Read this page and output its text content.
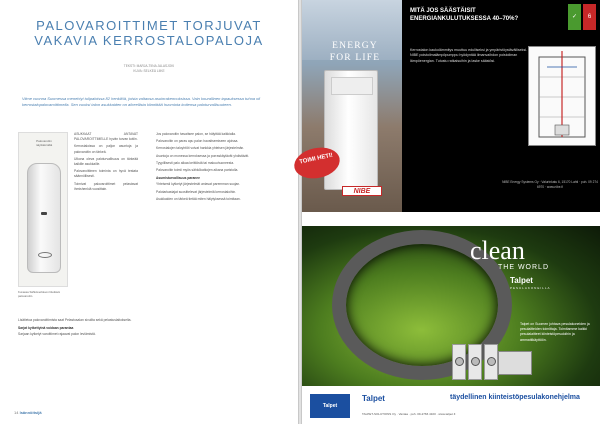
PALOVAROITTIMET TORJUVAT
VAKAVIA KERROSTALOPALOJA
TEKSTI: MARJA-TIINA JALASJOKI
KUVA: SELKEÄ LIIKE
Viime vuonna Suomessa menehtyi tulipaloissa 82 henkilöä, joista valtaosa asuinrakennuksissa. Vain kourallinen tapauksessa tuhoa oli kerrostalopalovaroittimella. Sen vuoksi talon asukkaiden on aiheellista kiinnittää huomiota kotiensa paloturvallisuuteen.
Palovaroitin
näyttää tältä
Kuvassa Sähköverkkoon liitettävä palovaroitin.
ASUKKAAT ANTAVAT PALOVAROITTIMELLE hyvän turvan kotiin.
Kerrostaloissa on paljon asuntoja ja palovaroitin on tärkeä.
Ulkona oleva paloturvallisuus on tärkeää kaikille asukkaille.
Palovaroittimen toiminta on hyvä testata säännöllisesti.
Toimivat palovaroittimet pelastavat ihmishenkiä vuosittain.
Lisätietoa palovaroittimista saat Pelastusalan sivuilta sekä pelastuslaitokselta.
Sarjat kytkettyinä voidaan parantaa
Sarjaan kytketyt varoittimet rajaavat palon leviämistä.
Jos palovaroitin havaitsee palon, se hälyttää kaikkialla.
Palovaroitin on paras apu palon havaitsemiseen ajoissa.
Kerrostalojen taloyhtiöt voivat hankkia yhteisen järjestelmän.
Asuntoja on monessa kerroksessa ja porraskäytävät yhdistävät.
Tyypillisesti palo alkaa keittiöstä tai makuuhuoneesta.
Palovaroitin toimii myös sähkökatkojen aikana paristolla.
Asumisturvallisuus paranee
Yhteisesti kytketyt järjestelmät antavat paremman suojan.
Palotarkastajat suosittelevat järjestelmiä kerrostaloihin.
Asukkaiden on tärkeä tietää miten hälytyksessä toimitaan.
14 Isännöitsijä
ENERGY
FOR LIFE
TOIMI HETI!
NIBE
MITÄ JOS SÄÄSTÄISIT ENERGIANKULUTUKSESSA 40–70%?
Kerrostalon kaukolämmitys muuttuu edulliseksi ja ympäristöystävälliseksi. NIBE poistoilmalämpöpumppu hyödyntää ilmanvaihdon poistoilman lämpöenergian. Tutustu ratkaisuihin ja laske säästösi.
✓	6
NIBE Energy Systems Oy · Valurinkatu 6, 15170 Lahti · puh. 09 274 6970 · www.nibe.fi
clean
THE WORLD
Talpet
PESULAKONEILLA
Talpet on Suomen johtava pesulakoneiden ja pesulaitteiden toimittaja. Toimitamme kaikki pesulalaitteet kiinteistöpesuloihin ja ammattikäyttöön.
Talpet
Talpet	täydellinen kiinteistöpesulakonehjelma
TALPET-SOLUTIONS Oy · Vantaa · puh. 09-2766 4100 · www.talpet.fi
